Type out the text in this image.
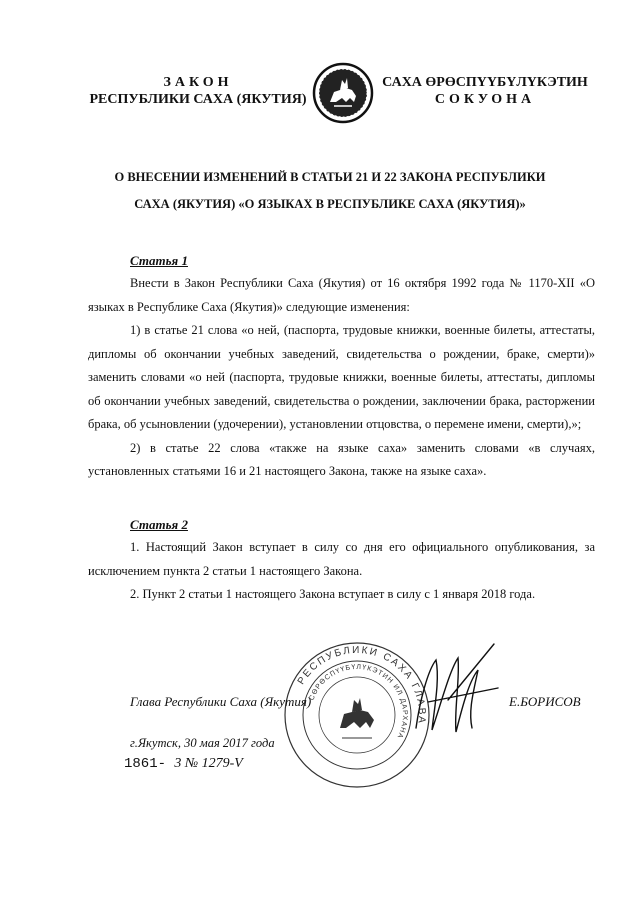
ЗАКОН
РЕСПУБЛИКИ САХА (ЯКУТИЯ)
САХА ӨРӨСПҮҮБҮЛҮКЭТИН
СОКУОНА
О ВНЕСЕНИИ ИЗМЕНЕНИЙ В СТАТЬИ 21 И 22 ЗАКОНА РЕСПУБЛИКИ
САХА (ЯКУТИЯ) «О ЯЗЫКАХ В РЕСПУБЛИКЕ САХА (ЯКУТИЯ)»
Статья 1

Внести в Закон Республики Саха (Якутия) от 16 октября 1992 года № 1170-XII «О языках в Республике Саха (Якутия)» следующие изменения:

1) в статье 21 слова «о ней, (паспорта, трудовые книжки, военные билеты, аттестаты, дипломы об окончании учебных заведений, свидетельства о рождении, браке, смерти)» заменить словами «о ней (паспорта, трудовые книжки, военные билеты, аттестаты, дипломы об окончании учебных заведений, свидетельства о рождении, заключении брака, расторжении брака, об усыновлении (удочерении), установлении отцовства, о перемене имени, смерти),»;

2) в статье 22 слова «также на языке саха» заменить словами «в случаях, установленных статьями 16 и 21 настоящего Закона, также на языке саха».

Статья 2

1. Настоящий Закон вступает в силу со дня его официального опубликования, за исключением пункта 2 статьи 1 настоящего Закона.

2. Пункт 2 статьи 1 настоящего Закона вступает в силу с 1 января 2018 года.

РЕСПУБЛИКИ САХА ГЛАВА
СӨРӨСПҮҮБҮЛҮКЭТИН ИЛ ДАРХАНА
Глава Республики Саха (Якутия)	Е.БОРИСОВ
г.Якутск, 30 мая 2017 года
1861- 3 № 1279-V
